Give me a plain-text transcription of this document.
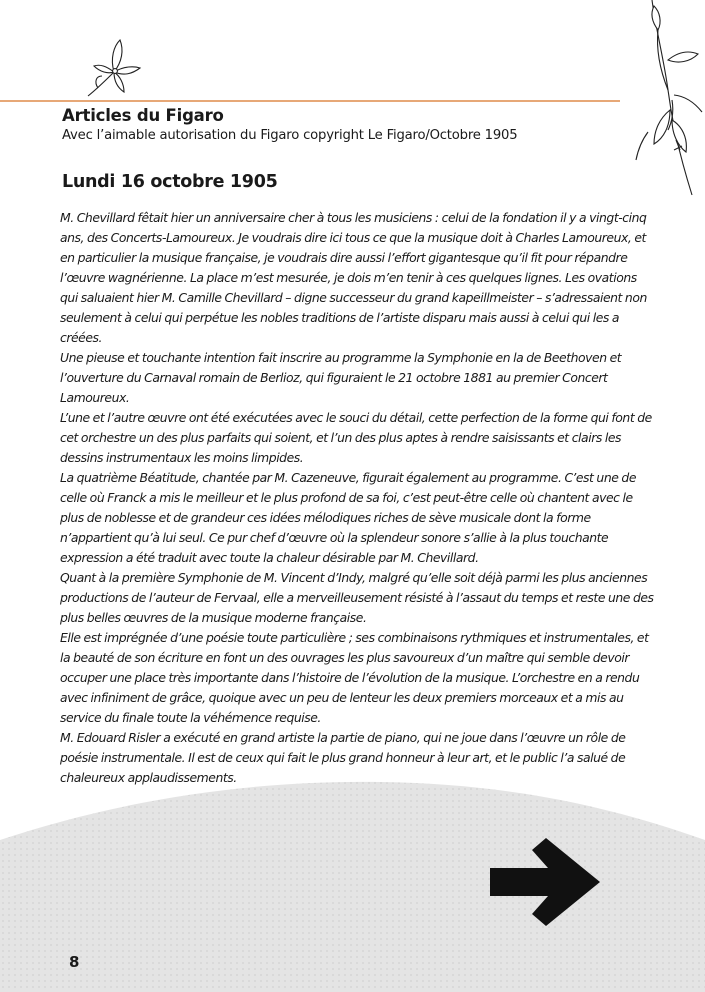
Articles du Figaro

Avec l’aimable autorisation du Figaro copyright Le Figaro/Octobre 1905

Lundi 16 octobre 1905

M. Chevillard fêtait hier un anniversaire cher à tous les musiciens : celui de la fondation il y a vingt-cinq ans, des Concerts-Lamoureux. Je voudrais dire ici tous ce que la musique doit à Charles Lamoureux, et en particulier la musique française, je voudrais dire aussi l’effort gigantesque qu’il fit pour répandre l’œuvre wagnérienne. La place m’est mesurée, je dois m’en tenir à ces quelques lignes. Les ovations qui saluaient hier M. Camille Chevillard – digne successeur du grand kapeillmeister – s’adressaient non seulement à celui qui perpétue les nobles traditions de l’artiste disparu mais aussi à celui qui les a créées.

Une pieuse et touchante intention fait inscrire au programme la Symphonie en la de Beethoven et l’ouverture du Carnaval romain de Berlioz, qui figuraient le 21 octobre 1881 au premier Concert Lamoureux.

L’une et l’autre œuvre ont été exécutées avec le souci du détail, cette perfection de la forme qui font de cet orchestre un des plus parfaits qui soient, et l’un des plus aptes à rendre saisissants et clairs les dessins instrumentaux les moins limpides.

La quatrième Béatitude, chantée par M. Cazeneuve, figurait également au programme. C’est une de celle où Franck a mis le meilleur et le plus profond de sa foi, c’est peut-être celle où chantent avec le plus de noblesse et de grandeur ces idées mélodiques riches de sève musicale dont la forme n’appartient qu’à lui seul. Ce pur chef d’œuvre où la splendeur sonore s’allie à la plus touchante expression a été traduit avec toute la chaleur désirable par M. Chevillard.

Quant à la première Symphonie de M. Vincent d’Indy, malgré qu’elle soit déjà parmi les plus anciennes productions de l’auteur de Fervaal, elle a merveilleusement résisté à l’assaut du temps et reste une des plus belles œuvres de la musique moderne française.

Elle est imprégnée d’une poésie toute particulière ; ses combinaisons rythmiques et instrumentales, et la beauté de son écriture en font un des ouvrages les plus savoureux d’un maître qui semble devoir occuper une place très importante dans l’histoire de l’évolution de la musique. L’orchestre en a rendu avec infiniment de grâce, quoique avec un peu de lenteur les deux premiers morceaux et a mis au service du finale toute la véhémence requise.

M. Edouard Risler a exécuté en grand artiste la partie de piano, qui ne joue dans l’œuvre un rôle de poésie instrumentale. Il est de ceux qui fait le plus grand honneur à leur art, et le public l’a salué de chaleureux applaudissements.

8
